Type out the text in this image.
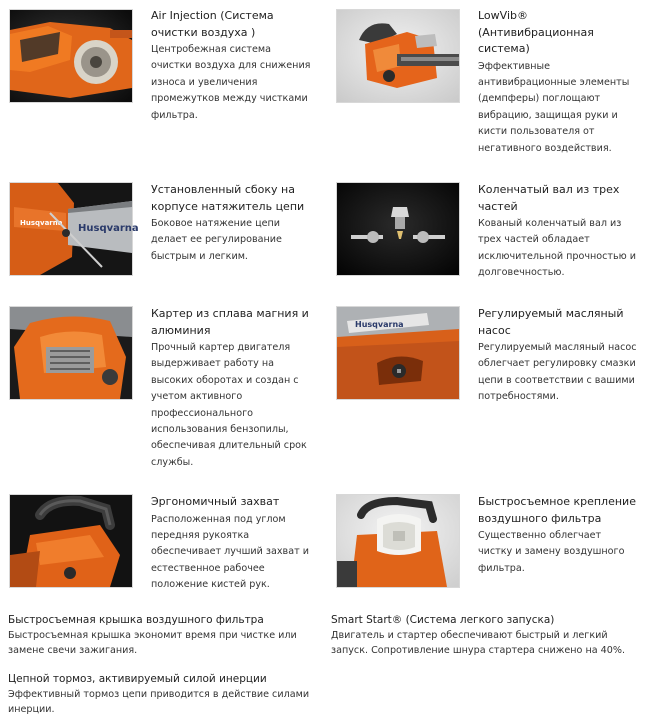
Air Injection (Система очистки воздуха )
Центробежная система очистки воздуха для снижения износа и увеличения промежутков между чистками фильтра.
LowVib® (Антивибрационная система)
Эффективные антивибрационные элементы (демпферы) поглощают вибрацию, защищая руки и кисти пользователя от негативного воздействия.
Husqvarna Husqvarna
Установленный сбоку на корпусе натяжитель цепи
Боковое натяжение цепи делает ее регулирование быстрым и легким.
Коленчатый вал из трех частей
Кованый коленчатый вал из трех частей обладает исключительной прочностью и долговечностью.
Картер из сплава магния и алюминия
Прочный картер двигателя выдерживает работу на высоких оборотах и создан с учетом активного профессионального использования бензопилы, обеспечивая длительный срок службы.
Husqvarna
Регулируемый масляный насос
Регулируемый масляный насос облегчает регулировку смазки цепи в соответствии с вашими потребностями.
Эргономичный захват
Расположенная под углом передняя рукоятка обеспечивает лучший захват и естественное рабочее положение кистей рук.
Быстросъемное крепление воздушного фильтра
Существенно облегчает чистку и замену воздушного фильтра.
Быстросъемная крышка воздушного фильтра
Быстросъемная крышка экономит время при чистке или замене свечи зажигания.
Smart Start® (Система легкого запуска)
Двигатель и стартер обеспечивают быстрый и легкий запуск. Сопротивление шнура стартера снижено на 40%.
Цепной тормоз, активируемый силой инерции
Эффективный тормоз цепи приводится в действие силами инерции.
